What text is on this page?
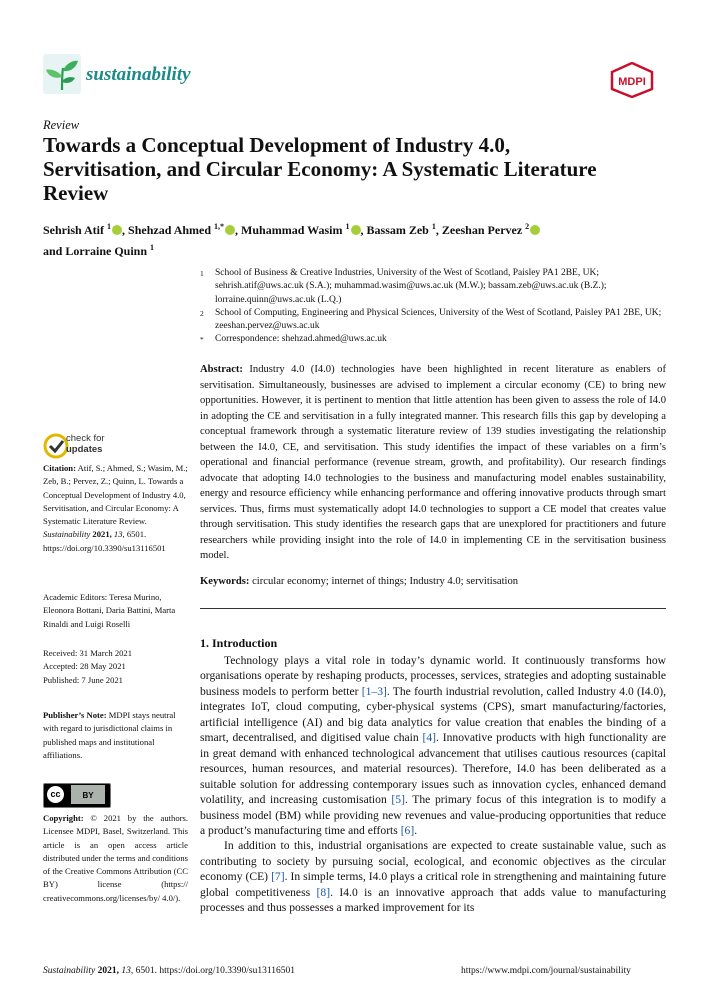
sustainability	MDPI
Review
Towards a Conceptual Development of Industry 4.0, Servitisation, and Circular Economy: A Systematic Literature Review
Sehrish Atif $^1$ , Shehzad Ahmed $^{1,*}$ , Muhammad Wasim $^1$ , Bassam Zeb $^1$, Zeeshan Pervez $^2$
and Lorraine Quinn $^1$
1	School of Business & Creative Industries, University of the West of Scotland, Paisley PA1 2BE, UK; sehrish.atif@uws.ac.uk (S.A.); muhammad.wasim@uws.ac.uk (M.W.); bassam.zeb@uws.ac.uk (B.Z.); lorraine.quinn@uws.ac.uk (L.Q.)
2	School of Computing, Engineering and Physical Sciences, University of the West of Scotland, Paisley PA1 2BE, UK; zeeshan.pervez@uws.ac.uk
*	Correspondence: shehzad.ahmed@uws.ac.uk
Abstract: Industry 4.0 (I4.0) technologies have been highlighted in recent literature as enablers of servitisation. Simultaneously, businesses are advised to implement a circular economy (CE) to bring new opportunities. However, it is pertinent to mention that little attention has been given to assess the role of I4.0 in adopting the CE and servitisation in a fully integrated manner. This research fills this gap by developing a conceptual framework through a systematic literature review of 139 studies investigating the relationship between the I4.0, CE, and servitisation. This study identifies the impact of these variables on a firm’s operational and financial performance (revenue stream, growth, and profitability). Our research findings advocate that adopting I4.0 technologies to the business and manufacturing model enables sustainability, energy and resource efficiency while enhancing performance and offering innovative products through smart services. Thus, firms must systematically adopt I4.0 technologies to support a CE model that creates value through servitisation. This study identifies the research gaps that are unexplored for practitioners and future researchers while providing insight into the role of I4.0 in implementing CE in the servitisation business model.
Keywords: circular economy; internet of things; Industry 4.0; servitisation
check for
updates
Citation: Atif, S.; Ahmed, S.; Wasim, M.; Zeb, B.; Pervez, Z.; Quinn, L. Towards a Conceptual Development of Industry 4.0, Servitisation, and Circular Economy: A Systematic Literature Review. Sustainability 2021, 13, 6501. https://doi.org/10.3390/su13116501
Academic Editors: Teresa Murino, Eleonora Bottani, Daria Battini, Marta Rinaldi and Luigi Roselli
Received: 31 March 2021
Accepted: 28 May 2021
Published: 7 June 2021
Publisher’s Note: MDPI stays neutral with regard to jurisdictional claims in published maps and institutional affiliations.
cc	BY
Copyright: © 2021 by the authors. Licensee MDPI, Basel, Switzerland. This article is an open access article distributed under the terms and conditions of the Creative Commons Attribution (CC BY) license (https:// creativecommons.org/licenses/by/ 4.0/).
1. Introduction

Technology plays a vital role in today’s dynamic world. It continuously transforms how organisations operate by reshaping products, processes, services, strategies and adopting sustainable business models to perform better [1–3]. The fourth industrial revolution, called Industry 4.0 (I4.0), integrates IoT, cloud computing, cyber-physical systems (CPS), smart manufacturing/factories, artificial intelligence (AI) and big data analytics for value creation that enables the binding of a smart, decentralised, and digitised value chain [4]. Innovative products with high functionality are in great demand with enhanced technological advancement that utilises cautious resources (capital resources, human resources, and material resources). Therefore, I4.0 has been deliberated as a suitable solution for addressing contemporary issues such as innovation cycles, enhanced demand volatility, and increasing customisation [5]. The primary focus of this integration is to modify a business model (BM) while providing new revenues and value-producing opportunities that reduce a product’s manufacturing time and efforts [6].

In addition to this, industrial organisations are expected to create sustainable value, such as contributing to society by pursuing social, ecological, and economic objectives as the circular economy (CE) [7]. In simple terms, I4.0 plays a critical role in strengthening and maintaining future global competitiveness [8]. I4.0 is an innovative approach that adds value to manufacturing processes and thus possesses a marked improvement for its

Sustainability 2021, 13, 6501. https://doi.org/10.3390/su13116501	https://www.mdpi.com/journal/sustainability
